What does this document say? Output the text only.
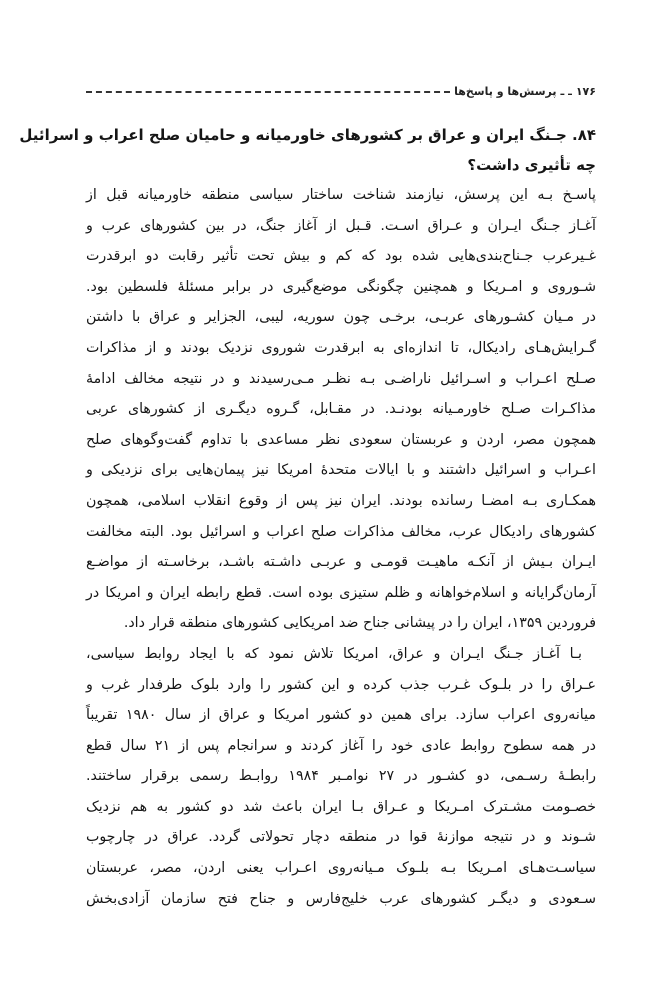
۱۷۶
ـ ـ
پرسش‌ها و پاسخ‌ها
۸۴. جـنگ ایران و عراق بر کشورهای خاورمیانه و حامیان صلح اعراب و اسرائیل
چه تأثیری داشت؟
پاسـخ بـه این پرسش، نیازمند شناخت ساختار سیاسی منطقه خاورمیانه قبل از
آغـاز جـنگ ایـران و عـراق اسـت. قـبل از آغاز جنگ، در بین کشورهای عرب و
غـیرعرب جـناح‌بندی‌هایی شده بود که کم و بیش تحت تأثیر رقابت دو ابرقدرت
شـوروی و امـریکا و همچنین چگونگی موضع‌گیری در برابر مسئلهٔ فلسطین بود.
در مـیان کشـورهای عربـی، برخـی چون سوریه، لیبی، الجزایر و عراق با داشتن
گـرایش‌هـای رادیکال، تا اندازه‌ای به ابرقدرت شوروی نزدیک بودند و از مذاکرات
صـلح اعـراب و اسـرائیل ناراضـی بـه نظـر مـی‌رسیدند و در نتیجه مخالف ادامهٔ
مذاکـرات صـلح خاورمـیانه بودنـد. در مقـابل، گـروه دیگـری از کشورهای عربی
همچون مصر، اردن و عربستان سعودی نظر مساعدی با تداوم گفت‌وگوهای صلح
اعـراب و اسرائیل داشتند و با ایالات متحدهٔ امریکا نیز پیمان‌هایی برای نزدیکی و
همکـاری بـه امضـا رسانده بودند. ایران نیز پس از وقوع انقلاب اسلامی، همچون
کشورهای رادیکال عرب، مخالف مذاکرات صلح اعراب و اسرائیل بود. البته مخالفت
ایـران بـیش از آنکـه ماهیـت قومـی و عربـی داشـته باشـد، برخاسـته از مواضـع
آرمان‌گرایانه و اسلام‌خواهانه و ظلم ستیزی بوده است. قطع رابطه ایران و امریکا در
فروردین ۱۳۵۹، ایران را در پیشانی جناح ضد امریکایی کشورهای منطقه قرار داد.
بـا آغـاز جـنگ ایـران و عراق، امریکا تلاش نمود که با ایجاد روابط سیاسی،
عـراق را در بلـوک غـرب جذب کرده و این کشور را وارد بلوک طرفدار غرب و
میانه‌روی اعراب سازد. برای همین دو کشور امریکا و عراق از سال ۱۹۸۰ تقریباً
در همه سطوح روابط عادی خود را آغاز کردند و سرانجام پس از ۲۱ سال قطع
رابطـهٔ رسـمی، دو کشـور در ۲۷ نوامـبر ۱۹۸۴ روابـط رسمی برقرار ساختند.
خصـومت مشـترک امـریکا و عـراق بـا ایران باعث شد دو کشور به هم نزدیک
شـوند و در نتیجه موازنهٔ قوا در منطقه دچار تحولاتی گردد. عراق در چارچوب
سیاسـت‌هـای امـریکا بـه بلـوک مـیانه‌روی اعـراب یعنی اردن، مصر، عربستان
سـعودی و دیگـر کشورهای عرب خلیج‌فارس و جناح فتح سازمان آزادی‌بخش
